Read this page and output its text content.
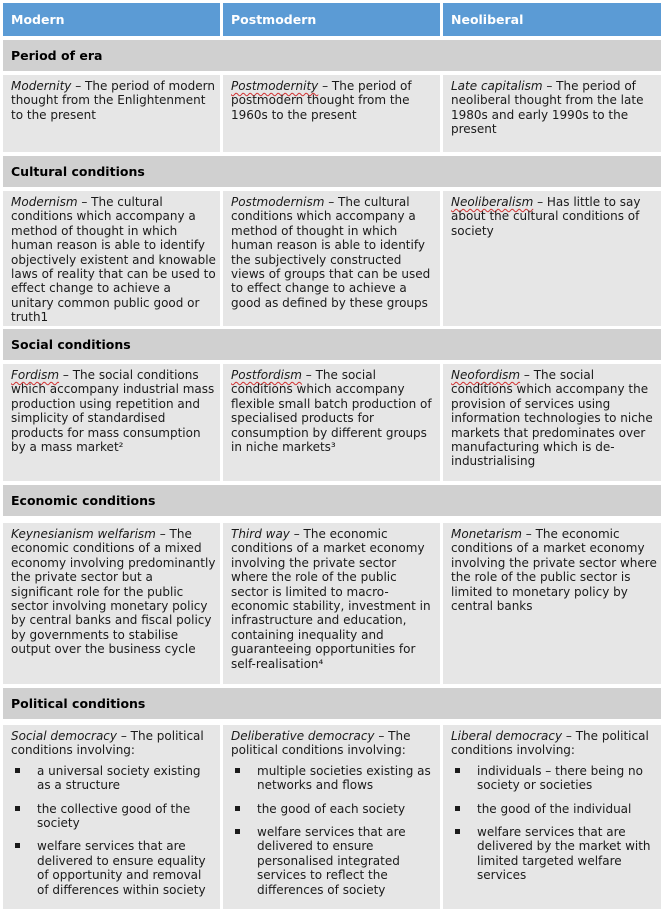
Modern	Postmodern	Neoliberal
Period of era
Modernity – The period of modern thought from the Enlightenment to the present
Postmodernity – The period of postmodern thought from the 1960s to the present
Late capitalism – The period of neoliberal thought from the late 1980s and early 1990s to the present
Cultural conditions
Modernism – The cultural conditions which accompany a method of thought in which human reason is able to identify objectively existent and knowable laws of reality that can be used to effect change to achieve a unitary common public good or truth1
Postmodernism – The cultural conditions which accompany a method of thought in which human reason is able to identify the subjectively constructed views of groups that can be used to effect change to achieve a good as defined by these groups
Neoliberalism – Has little to say about the cultural conditions of society
Social conditions
Fordism – The social conditions which accompany industrial mass production using repetition and simplicity of standardised products for mass consumption by a mass market²
Postfordism – The social conditions which accompany flexible small batch production of specialised products for consumption by different groups in niche markets³
Neofordism – The social conditions which accompany the provision of services using information technologies to niche markets that predominates over manufacturing which is de-industrialising
Economic conditions
Keynesianism welfarism – The economic conditions of a mixed economy involving predominantly the private sector but a significant role for the public sector involving monetary policy by central banks and fiscal policy by governments to stabilise output over the business cycle
Third way – The economic conditions of a market economy involving the private sector where the role of the public sector is limited to macro-economic stability, investment in infrastructure and education, containing inequality and guaranteeing opportunities for self-realisation⁴
Monetarism – The economic conditions of a market economy involving the private sector where the role of the public sector is limited to monetary policy by central banks
Political conditions
Social democracy – The political conditions involving:
a universal society existing as a structure
the collective good of the society
welfare services that are delivered to ensure equality of opportunity and removal of differences within society
Deliberative democracy – The political conditions involving:
multiple societies existing as networks and flows
the good of each society
welfare services that are delivered to ensure personalised integrated services to reflect the differences of society
Liberal democracy – The political conditions involving:
individuals – there being no society or societies
the good of the individual
welfare services that are delivered by the market with limited targeted welfare services
